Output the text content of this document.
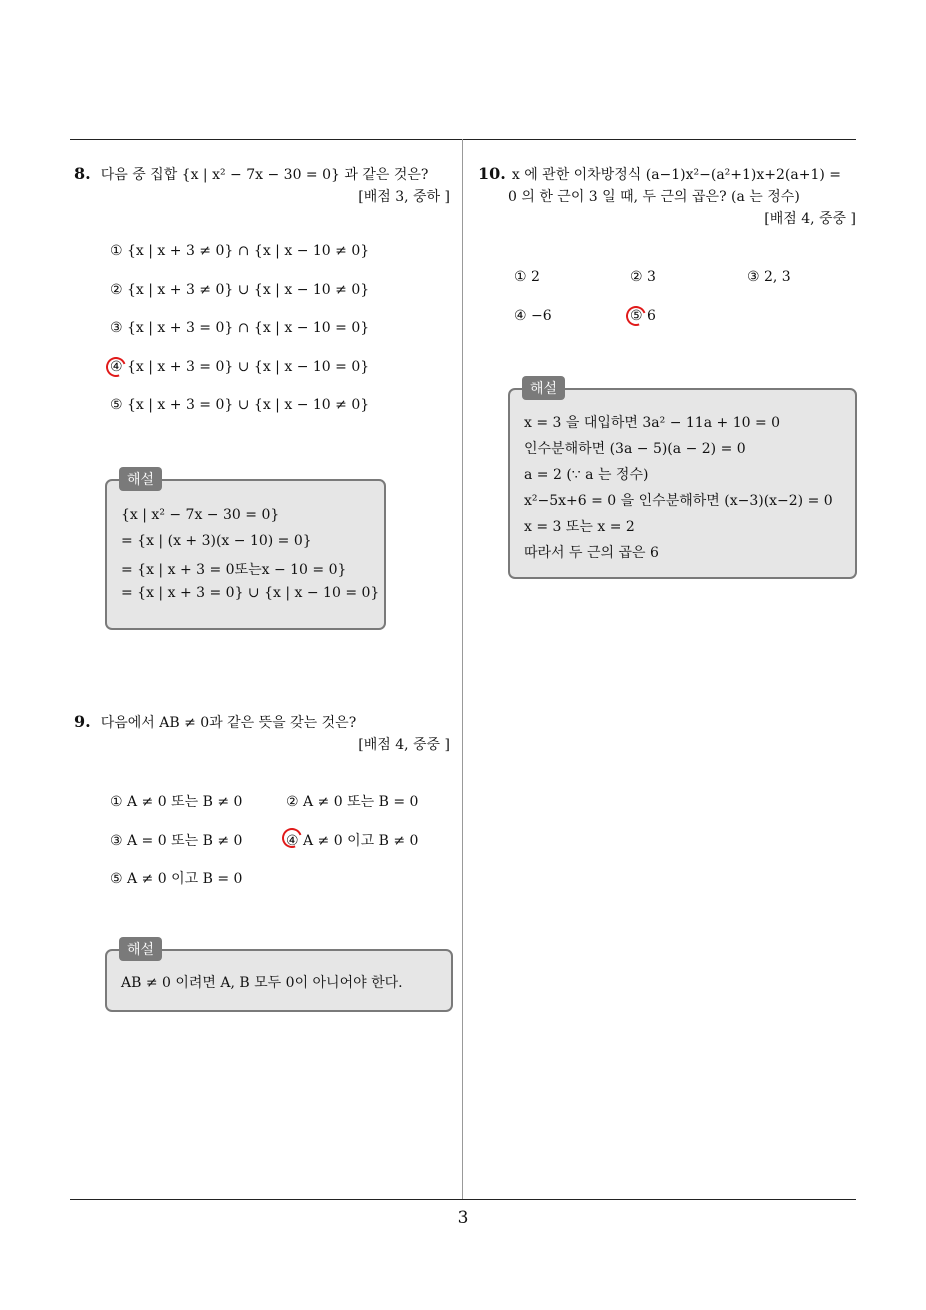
8. 다음 중 집합 {x | x² − 7x − 30 = 0} 과 같은 것은?
[배점 3, 중하 ]
① {x | x + 3 ≠ 0} ∩ {x | x − 10 ≠ 0}
② {x | x + 3 ≠ 0} ∪ {x | x − 10 ≠ 0}
③ {x | x + 3 = 0} ∩ {x | x − 10 = 0}
④ {x | x + 3 = 0} ∪ {x | x − 10 = 0}
⑤ {x | x + 3 = 0} ∪ {x | x − 10 ≠ 0}
해설
{x | x² − 7x − 30 = 0}
= {x | (x + 3)(x − 10) = 0}
= {x | x + 3 = 0또는x − 10 = 0}
= {x | x + 3 = 0} ∪ {x | x − 10 = 0}
9. 다음에서 AB ≠ 0과 같은 뜻을 갖는 것은?
[배점 4, 중중 ]
① A ≠ 0 또는 B ≠ 0	② A ≠ 0 또는 B = 0
③ A = 0 또는 B ≠ 0	④ A ≠ 0 이고 B ≠ 0
⑤ A ≠ 0 이고 B = 0
해설
AB ≠ 0 이려면 A, B 모두 0이 아니어야 한다.
10. x 에 관한 이차방정식 (a−1)x²−(a²+1)x+2(a+1) =
0 의 한 근이 3 일 때, 두 근의 곱은? (a 는 정수)
[배점 4, 중중 ]
① 2	② 3	③ 2, 3
④ −6	⑤ 6
해설
x = 3 을 대입하면 3a² − 11a + 10 = 0
인수분해하면 (3a − 5)(a − 2) = 0
a = 2 (∵ a 는 정수)
x²−5x+6 = 0 을 인수분해하면 (x−3)(x−2) = 0
x = 3 또는 x = 2
따라서 두 근의 곱은 6
3
